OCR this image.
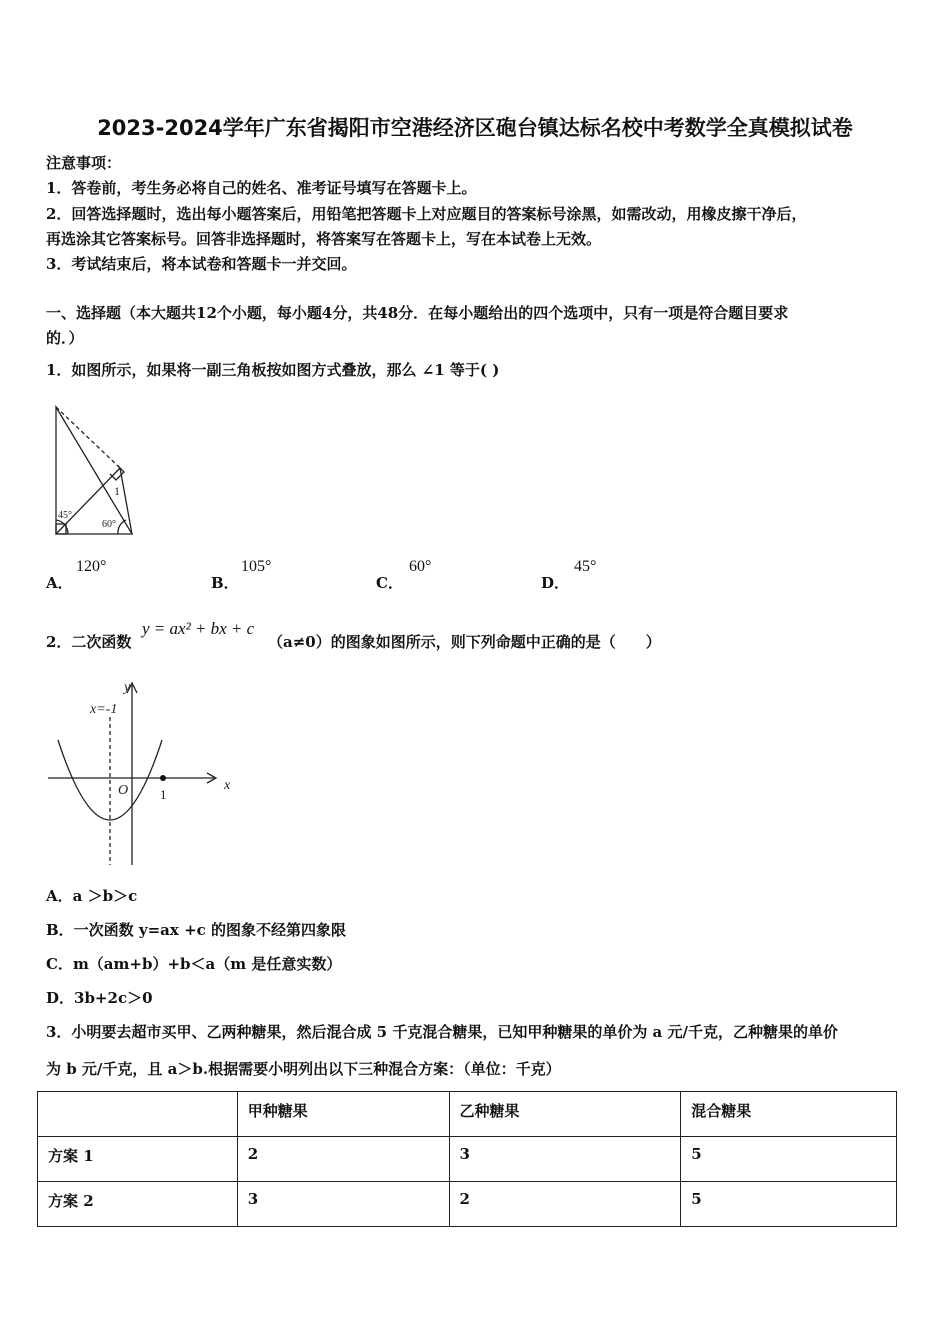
2023-2024学年广东省揭阳市空港经济区砲台镇达标名校中考数学全真模拟试卷
注意事项：
1．答卷前，考生务必将自己的姓名、准考证号填写在答题卡上。
2．回答选择题时，选出每小题答案后，用铅笔把答题卡上对应题目的答案标号涂黑，如需改动，用橡皮擦干净后，
再选涂其它答案标号。回答非选择题时，将答案写在答题卡上，写在本试卷上无效。
3．考试结束后，将本试卷和答题卡一并交回。
一、选择题（本大题共12个小题，每小题4分，共48分．在每小题给出的四个选项中，只有一项是符合题目要求
的．）
1．如图所示，如果将一副三角板按如图方式叠放，那么 ∠1 等于( )
1
45°
60°
A．
120°
B．
105°
C．
60°
D．
45°
2．二次函数
y = ax² + bx + c
（a≠0）的图象如图所示，则下列命题中正确的是（　　）
x=-1
y
x
O 1
A．a ＞b＞c
B．一次函数 y=ax +c 的图象不经第四象限
C．m（am+b）+b＜a（m 是任意实数）
D．3b+2c＞0
3．小明要去超市买甲、乙两种糖果，然后混合成 5 千克混合糖果，已知甲种糖果的单价为 a 元/千克，乙种糖果的单价
为 b 元/千克，且 a＞b.根据需要小明列出以下三种混合方案：（单位：千克）
	甲种糖果	乙种糖果	混合糖果
方案 1	2	3	5
方案 2	3	2	5
